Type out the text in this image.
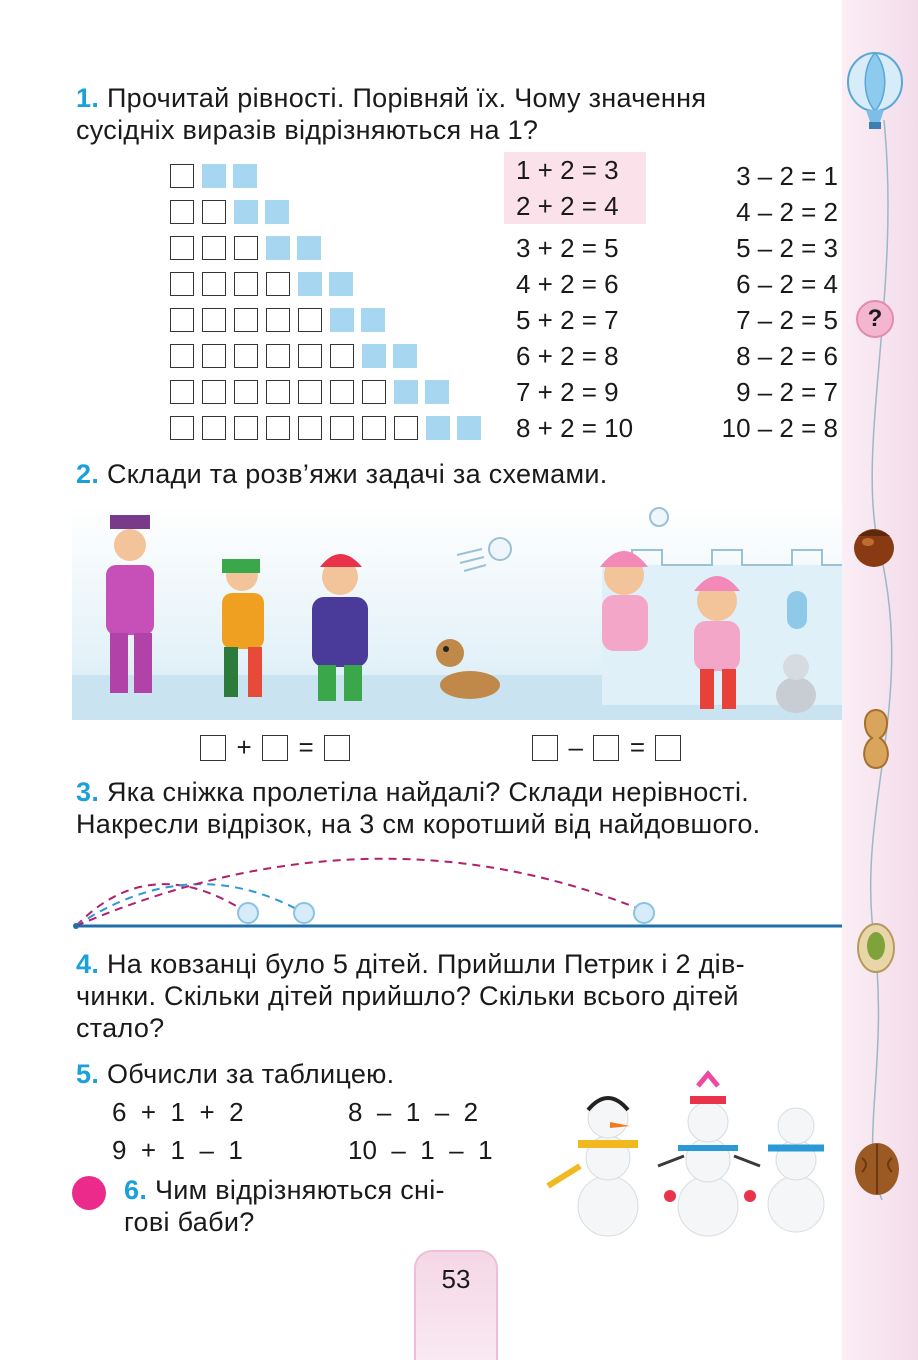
?
1. Прочитай рівності. Порівняй їх. Чому значення
сусідніх виразів відрізняються на 1?
1 + 2 = 3
2 + 2 = 4
3 + 2 = 5
4 + 2 = 6
5 + 2 = 7
6 + 2 = 8
7 + 2 = 9
8 + 2 = 10
3 – 2 = 1
4 – 2 = 2
5 – 2 = 3
6 – 2 = 4
7 – 2 = 5
8 – 2 = 6
9 – 2 = 7
10 – 2 = 8
2. Склади та розв’яжи задачі за схемами.
+ =	– =
3. Яка сніжка пролетіла найдалі? Склади нерівності.
Накресли відрізок, на 3 см коротший від найдовшого.
4. На ковзанці було 5 дітей. Прийшли Петрик і 2 дів-
чинки. Скільки дітей прийшло? Скільки всього дітей
стало?
5. Обчисли за таблицею.
6  +  1  +  2	8  –  1  –  2
9  +  1  –  1	10  –  1  –  1
6. Чим відрізняються сні-
гові баби?
53
